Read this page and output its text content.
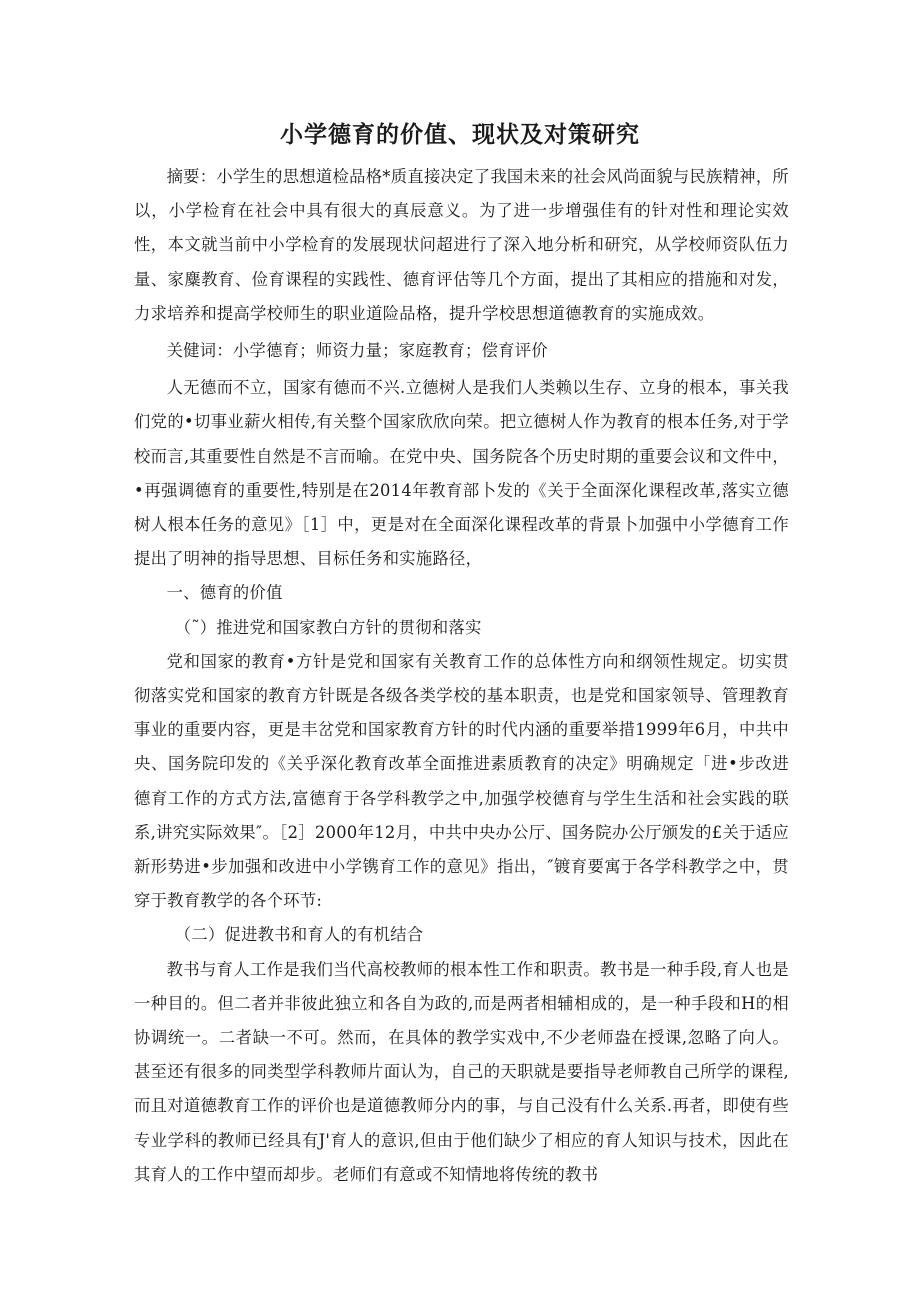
小学德育的价值、现状及对策研究

摘要：小学生的思想道检品格*质直接决定了我国未来的社会风尚面貌与民族精神，所以，小学检育在社会中具有很大的真辰意义。为了进一步增强佳有的针对性和理论实效性，本文就当前中小学检育的发展现状问超进行了深入地分析和研究，从学校师资队伍力量、家麋教育、俭育课程的实践性、德育评估等几个方面，提出了其相应的措施和对发，力求培养和提高学校师生的职业道险品格，提升学校思想道德教育的实施成效。

关健词：小学德育；师资力量；家庭教育；偿育评价

人无德而不立，国家有德而不兴.立德树人是我们人类赖以生存、立身的根本，事关我们党的•切事业薪火相传,有关整个国家欣欣向荣。把立德树人作为教育的根本任务,对于学校而言,其重要性自然是不言而喻。在党中央、国务院各个历史时期的重要会议和文件中，•再强调德育的重要性,特别是在2014年教育部卜发的《关于全面深化课程改革,落实立德树人根本任务的意见》［1］中，更是对在全面深化课程改革的背景卜加强中小学德育工作提出了明神的指导思想、目标任务和实施路径，

一、德育的价值

（˜）推进党和国家教白方针的贯彻和落实

党和国家的教育•方针是党和国家有关教育工作的总体性方向和纲领性规定。切实贯彻落实党和国家的教育方针既是各级各类学校的基本职责，也是党和国家领导、管理教育事业的重要内容，更是丰岔党和国家教育方针的时代内涵的重要举措1999年6月，中共中央、国务院印发的《关乎深化教育改革全面推进素质教育的决定》明确规定「进•步改进德育工作的方式方法,富德育于各学科教学之中,加强学校德育与学生生活和社会实践的联系,讲究实际效果″。［2］2000年12月，中共中央办公厅、国务院办公厅颁发的£关于适应新形势进•步加强和改进中小学镌育工作的意见》指出，″镀育要寓于各学科教学之中，贯穿于教育教学的各个环节:

（二）促进教书和育人的有机结合

教书与育人工作是我们当代高校教师的根本性工作和职责。教书是一种手段,育人也是一种目的。但二者并非彼此独立和各自为政的,而是两者相辅相成的，是一种手段和H的相协调统一。二者缺一不可。然而，在具体的教学实戏中,不少老师盎在授课,忽略了向人。甚至还有很多的同类型学科教师片面认为，自己的天职就是要指导老师教自己所学的课程,而且对道德教育工作的评价也是道德教师分内的事，与自己没有什么关系.再者，即使有些专业学科的教师已经具有J'育人的意识,但由于他们缺少了相应的育人知识与技术，因此在其育人的工作中望而却步。老师们有意或不知情地将传统的教书
